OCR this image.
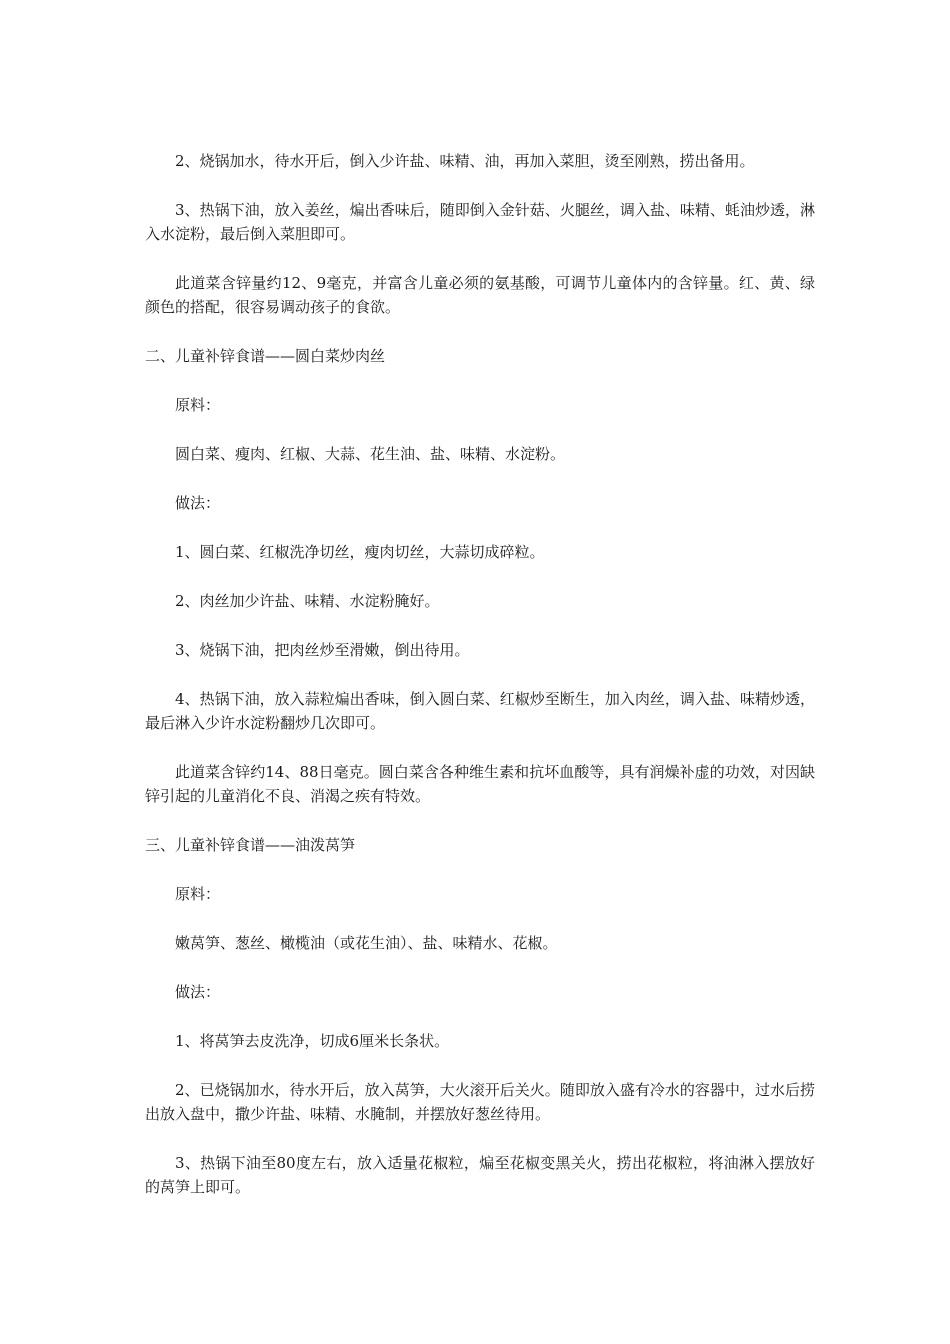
2、烧锅加水，待水开后，倒入少许盐、味精、油，再加入菜胆，烫至刚熟，捞出备用。

3、热锅下油，放入姜丝，煸出香味后，随即倒入金针菇、火腿丝，调入盐、味精、蚝油炒透，淋入水淀粉，最后倒入菜胆即可。

此道菜含锌量约12、9毫克，并富含儿童必须的氨基酸，可调节儿童体内的含锌量。红、黄、绿颜色的搭配，很容易调动孩子的食欲。

二、儿童补锌食谱——圆白菜炒肉丝

原料：

圆白菜、瘦肉、红椒、大蒜、花生油、盐、味精、水淀粉。

做法：

1、圆白菜、红椒洗净切丝，瘦肉切丝，大蒜切成碎粒。

2、肉丝加少许盐、味精、水淀粉腌好。

3、烧锅下油，把肉丝炒至滑嫩，倒出待用。

4、热锅下油，放入蒜粒煸出香味，倒入圆白菜、红椒炒至断生，加入肉丝，调入盐、味精炒透，最后淋入少许水淀粉翻炒几次即可。

此道菜含锌约14、88日毫克。圆白菜含各种维生素和抗坏血酸等，具有润燥补虚的功效，对因缺锌引起的儿童消化不良、消渴之疾有特效。

三、儿童补锌食谱——油泼莴笋

原料：

嫩莴笋、葱丝、橄榄油（或花生油）、盐、味精水、花椒。

做法：

1、将莴笋去皮洗净，切成6厘米长条状。

2、已烧锅加水，待水开后，放入莴笋，大火滚开后关火。随即放入盛有冷水的容器中，过水后捞出放入盘中，撒少许盐、味精、水腌制，并摆放好葱丝待用。

3、热锅下油至80度左右，放入适量花椒粒，煸至花椒变黑关火，捞出花椒粒，将油淋入摆放好的莴笋上即可。
